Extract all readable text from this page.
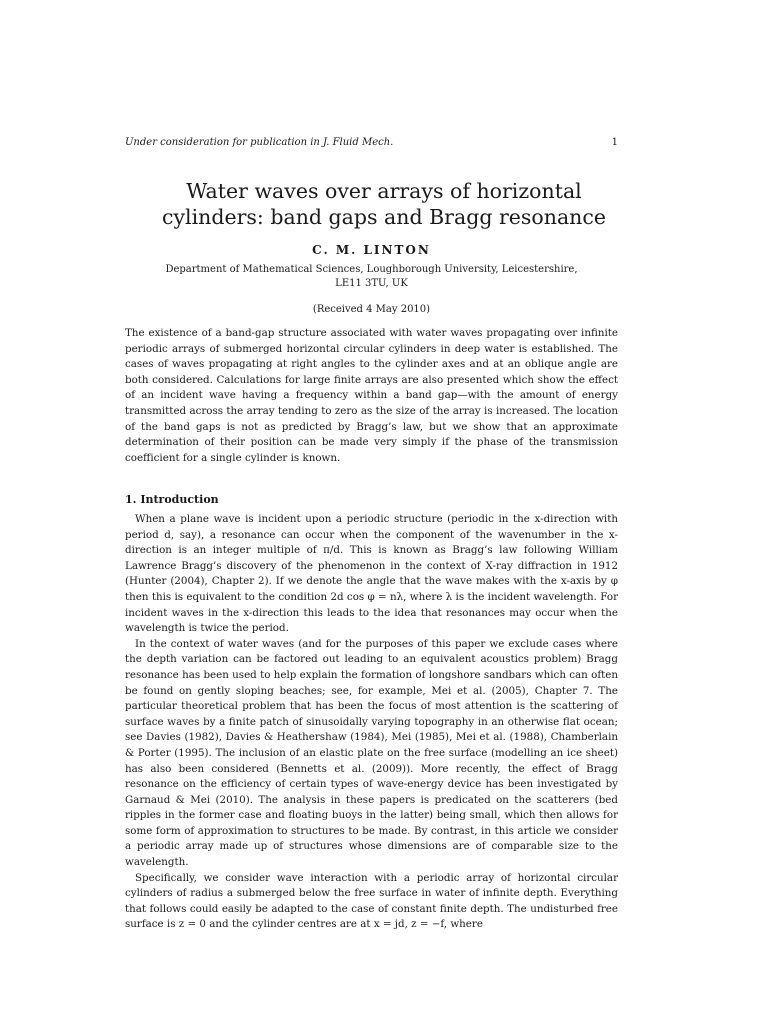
Under consideration for publication in J. Fluid Mech.	1
Water waves over arrays of horizontal
cylinders: band gaps and Bragg resonance
C. M. LINTON
Department of Mathematical Sciences, Loughborough University, Leicestershire,
LE11 3TU, UK
(Received 4 May 2010)

The existence of a band-gap structure associated with water waves propagating over infinite periodic arrays of submerged horizontal circular cylinders in deep water is established. The cases of waves propagating at right angles to the cylinder axes and at an oblique angle are both considered. Calculations for large finite arrays are also presented which show the effect of an incident wave having a frequency within a band gap—with the amount of energy transmitted across the array tending to zero as the size of the array is increased. The location of the band gaps is not as predicted by Bragg’s law, but we show that an approximate determination of their position can be made very simply if the phase of the transmission coefficient for a single cylinder is known.

1. Introduction

When a plane wave is incident upon a periodic structure (periodic in the x-direction with period d, say), a resonance can occur when the component of the wavenumber in the x-direction is an integer multiple of π/d. This is known as Bragg’s law following William Lawrence Bragg’s discovery of the phenomenon in the context of X-ray diffraction in 1912 (Hunter (2004), Chapter 2). If we denote the angle that the wave makes with the x-axis by φ then this is equivalent to the condition 2d cos φ = nλ, where λ is the incident wavelength. For incident waves in the x-direction this leads to the idea that resonances may occur when the wavelength is twice the period.

In the context of water waves (and for the purposes of this paper we exclude cases where the depth variation can be factored out leading to an equivalent acoustics problem) Bragg resonance has been used to help explain the formation of longshore sandbars which can often be found on gently sloping beaches; see, for example, Mei et al. (2005), Chapter 7. The particular theoretical problem that has been the focus of most attention is the scattering of surface waves by a finite patch of sinusoidally varying topography in an otherwise flat ocean; see Davies (1982), Davies & Heathershaw (1984), Mei (1985), Mei et al. (1988), Chamberlain & Porter (1995). The inclusion of an elastic plate on the free surface (modelling an ice sheet) has also been considered (Bennetts et al. (2009)). More recently, the effect of Bragg resonance on the efficiency of certain types of wave-energy device has been investigated by Garnaud & Mei (2010). The analysis in these papers is predicated on the scatterers (bed ripples in the former case and floating buoys in the latter) being small, which then allows for some form of approximation to structures to be made. By contrast, in this article we consider a periodic array made up of structures whose dimensions are of comparable size to the wavelength.

Specifically, we consider wave interaction with a periodic array of horizontal circular cylinders of radius a submerged below the free surface in water of infinite depth. Everything that follows could easily be adapted to the case of constant finite depth. The undisturbed free surface is z = 0 and the cylinder centres are at x = jd, z = −f, where
